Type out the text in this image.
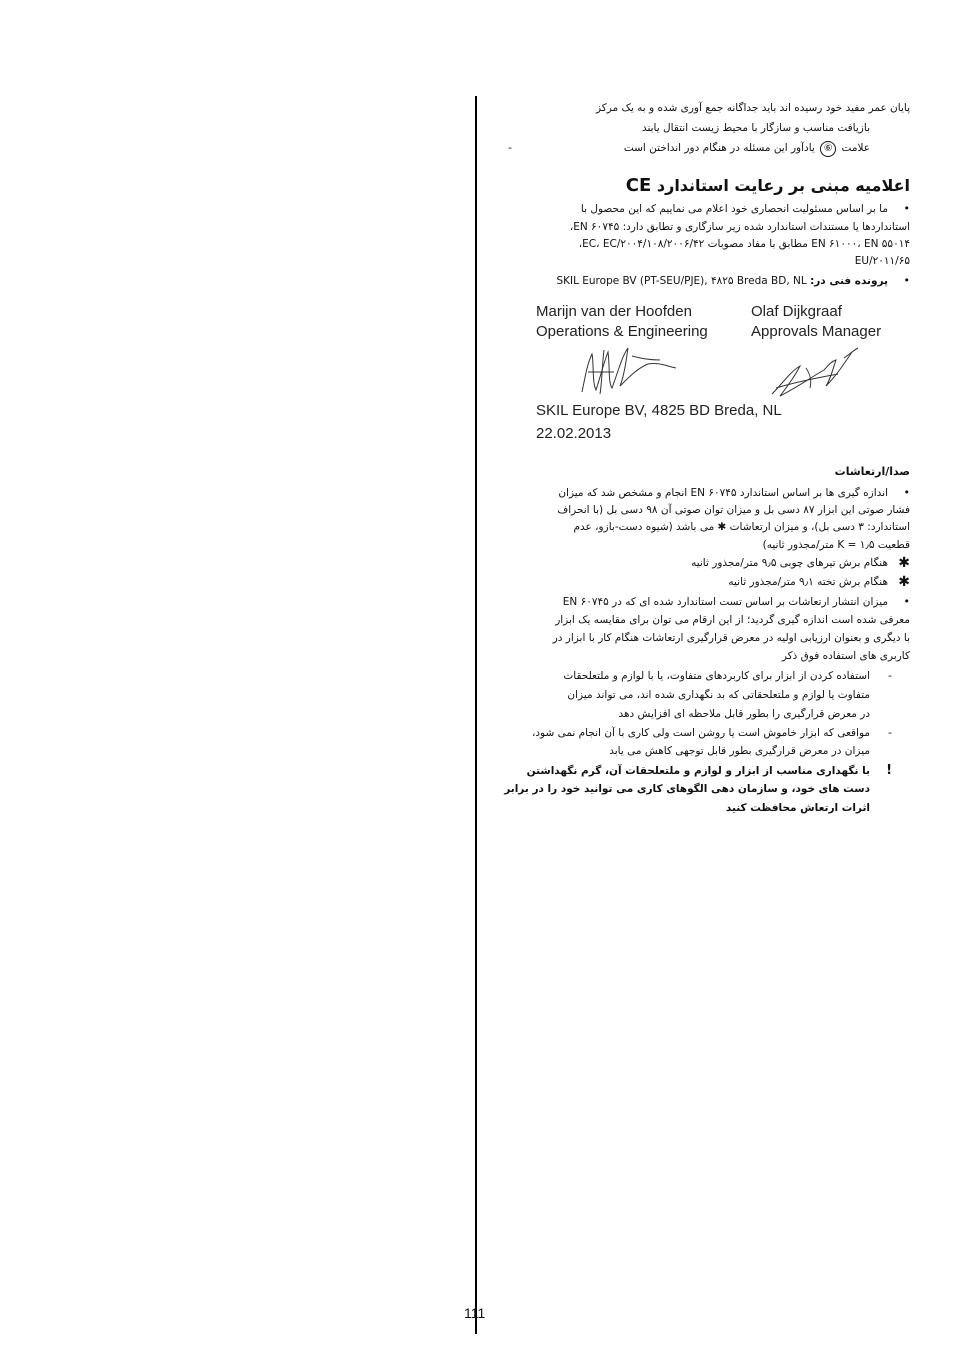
پایان عمر مفید خود رسیده اند باید جداگانه جمع آوری شده و به یک مرکز
بازیافت مناسب و سازگار با محیط زیست انتقال یابند
-	علامت ⑥ یادآور این مسئله در هنگام دور انداختن است
اعلامیه مبنی بر رعایت استاندارد CE
•
ما بر اساس مسئولیت انحصاری خود اعلام می نماییم که این محصول با
استانداردها یا مستندات استاندارد شده زیر سازگاری و تطابق دارد: EN ۶۰۷۴۵،
EN ۶۱۰۰۰، EN ۵۵۰۱۴ مطابق با مفاد مصوبات ۲۰۰۶/۴۲/EC، EC/۲۰۰۴/۱۰۸،
EU/۲۰۱۱/۶۵
•
پرونده فنی در: SKIL Europe BV (PT-SEU/PJE), ۴۸۲۵ Breda BD, NL
Marijn van der Hoofden
Operations & Engineering
Olaf Dijkgraaf
Approvals Manager
SKIL Europe BV, 4825 BD Breda, NL
22.02.2013
صدا/ارتعاشات
•
اندازه گیری ها بر اساس استاندارد EN ۶۰۷۴۵ انجام و مشخص شد که میزان
فشار صوتی این ابزار ۸۷ دسی بل و میزان توان صوتی آن ۹۸ دسی بل (با انحراف
استاندارد: ۳ دسی بل)، و میزان ارتعاشات ✱ می باشد (شیوه دست-بازو، عدم
قطعیت K = ۱٫۵ متر/مجذور ثانیه)
✱
هنگام برش تیرهای چوبی ۹٫۵ متر/مجذور ثانیه
✱
هنگام برش تخته ۹٫۱ متر/مجذور ثانیه
•
میزان انتشار ارتعاشات بر اساس تست استاندارد شده ای که در EN ۶۰۷۴۵
معرفی شده است اندازه گیری گردید؛ از این ارقام می توان برای مقایسه یک ابزار
با دیگری و بعنوان ارزیابی اولیه در معرض قرارگیری ارتعاشات هنگام کار با ابزار در
کاربری های استفاده فوق ذکر
-
استفاده کردن از ابزار برای کاربردهای متفاوت، یا با لوازم و ملتعلحقات
متفاوت یا لوازم و ملتعلحقاتی که بد نگهداری شده اند، می تواند میزان
در معرض قرارگیری را بطور قابل ملاحظه ای افزایش دهد
-
مواقعی که ابزار خاموش است یا روشن است ولی کاری با آن انجام نمی شود،
میزان در معرض قرارگیری بطور قابل توجهی کاهش می یابد
!
با نگهداری مناسب از ابزار و لوازم و ملتعلحقات آن، گرم نگهداشتن
دست های خود، و سازمان دهی الگوهای کاری می توانید خود را در برابر
اثرات ارتعاش محافظت کنید
111
